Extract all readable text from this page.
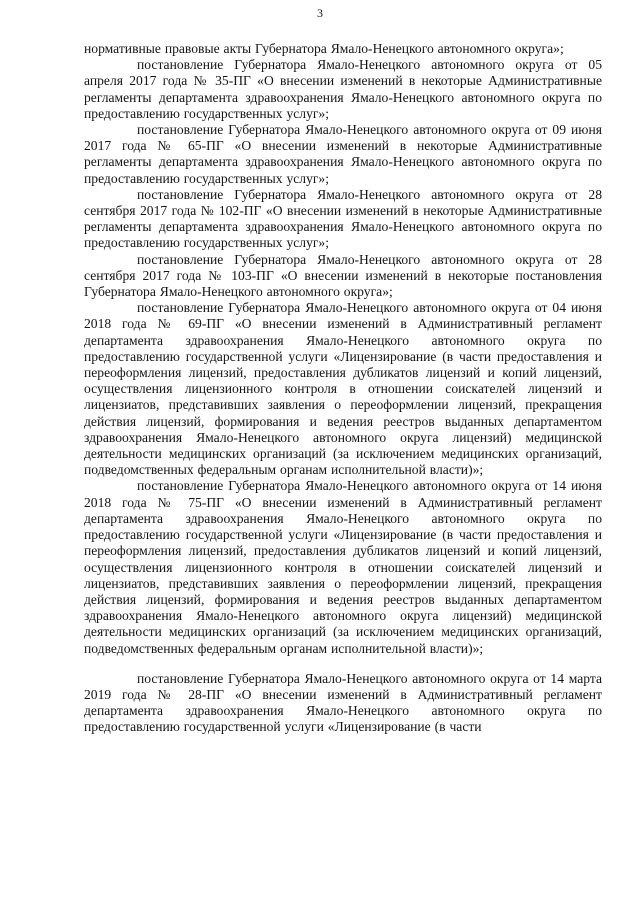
3

нормативные правовые акты Губернатора Ямало-Ненецкого автономного округа»;

постановление Губернатора Ямало-Ненецкого автономного округа от 05 апреля 2017 года № 35-ПГ «О внесении изменений в некоторые Административные регламенты департамента здравоохранения Ямало-Ненецкого автономного округа по предоставлению государственных услуг»;

постановление Губернатора Ямало-Ненецкого автономного округа от 09 июня 2017 года № 65-ПГ «О внесении изменений в некоторые Административные регламенты департамента здравоохранения Ямало-Ненецкого автономного округа по предоставлению государственных услуг»;

постановление Губернатора Ямало-Ненецкого автономного округа от 28 сентября 2017 года № 102-ПГ «О внесении изменений в некоторые Административные регламенты департамента здравоохранения Ямало-Ненецкого автономного округа по предоставлению государственных услуг»;

постановление Губернатора Ямало-Ненецкого автономного округа от 28 сентября 2017 года № 103-ПГ «О внесении изменений в некоторые постановления Губернатора Ямало-Ненецкого автономного округа»;

постановление Губернатора Ямало-Ненецкого автономного округа от 04 июня 2018 года № 69-ПГ «О внесении изменений в Административный регламент департамента здравоохранения Ямало-Ненецкого автономного округа по предоставлению государственной услуги «Лицензирование (в части предоставления и переоформления лицензий, предоставления дубликатов лицензий и копий лицензий, осуществления лицензионного контроля в отношении соискателей лицензий и лицензиатов, представивших заявления о переоформлении лицензий, прекращения действия лицензий, формирования и ведения реестров выданных департаментом здравоохранения Ямало-Ненецкого автономного округа лицензий) медицинской деятельности медицинских организаций (за исключением медицинских организаций, подведомственных федеральным органам исполнительной власти)»;

постановление Губернатора Ямало-Ненецкого автономного округа от 14 июня 2018 года № 75-ПГ «О внесении изменений в Административный регламент департамента здравоохранения Ямало-Ненецкого автономного округа по предоставлению государственной услуги «Лицензирование (в части предоставления и переоформления лицензий, предоставления дубликатов лицензий и копий лицензий, осуществления лицензионного контроля в отношении соискателей лицензий и лицензиатов, представивших заявления о переоформлении лицензий, прекращения действия лицензий, формирования и ведения реестров выданных департаментом здравоохранения Ямало-Ненецкого автономного округа лицензий) медицинской деятельности медицинских организаций (за исключением медицинских организаций, подведомственных федеральным органам исполнительной власти)»;

постановление Губернатора Ямало-Ненецкого автономного округа от 14 марта 2019 года № 28-ПГ «О внесении изменений в Административный регламент департамента здравоохранения Ямало-Ненецкого автономного округа по предоставлению государственной услуги «Лицензирование (в части
